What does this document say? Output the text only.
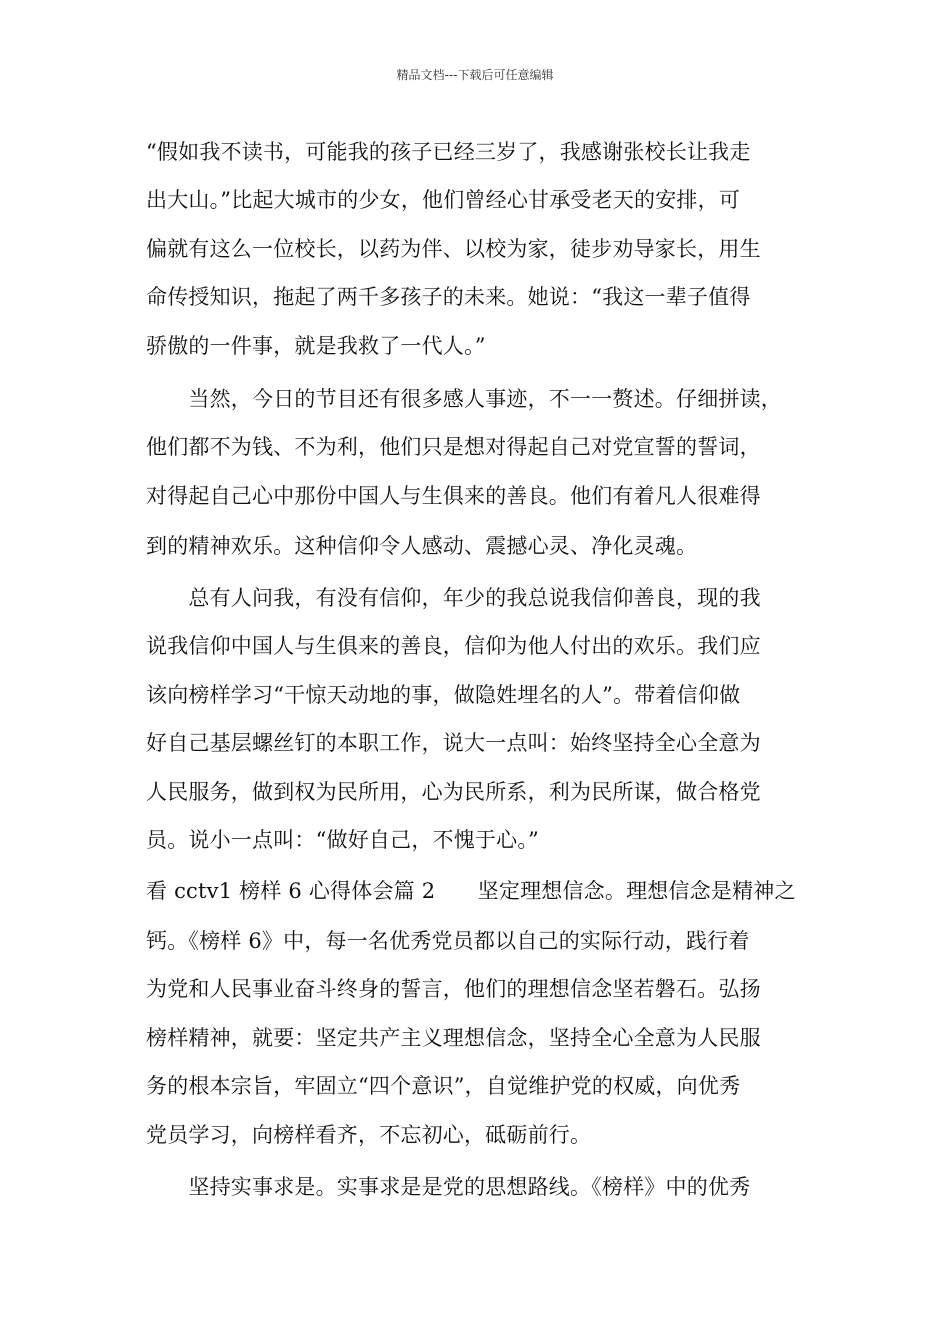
精品文档---下载后可任意编辑
“假如我不读书，可能我的孩子已经三岁了，我感谢张校长让我走
出大山。”比起大城市的少女，他们曾经心甘承受老天的安排，可
偏就有这么一位校长，以药为伴、以校为家，徒步劝导家长，用生
命传授知识，拖起了两千多孩子的未来。她说：“我这一辈子值得
骄傲的一件事，就是我救了一代人。”
　　当然，今日的节目还有很多感人事迹，不一一赘述。仔细拼读，
他们都不为钱、不为利，他们只是想对得起自己对党宣誓的誓词，
对得起自己心中那份中国人与生俱来的善良。他们有着凡人很难得
到的精神欢乐。这种信仰令人感动、震撼心灵、净化灵魂。
　　总有人问我，有没有信仰，年少的我总说我信仰善良，现的我
说我信仰中国人与生俱来的善良，信仰为他人付出的欢乐。我们应
该向榜样学习“干惊天动地的事，做隐姓埋名的人”。带着信仰做
好自己基层螺丝钉的本职工作，说大一点叫：始终坚持全心全意为
人民服务，做到权为民所用，心为民所系，利为民所谋，做合格党
员。说小一点叫：“做好自己，不愧于心。”
看 cctv1 榜样 6 心得体会篇 2　　坚定理想信念。理想信念是精神之
钙。《榜样 6》中，每一名优秀党员都以自己的实际行动，践行着
为党和人民事业奋斗终身的誓言，他们的理想信念坚若磐石。弘扬
榜样精神，就要：坚定共产主义理想信念，坚持全心全意为人民服
务的根本宗旨，牢固立“四个意识”，自觉维护党的权威，向优秀
党员学习，向榜样看齐，不忘初心，砥砺前行。
　　坚持实事求是。实事求是是党的思想路线。《榜样》中的优秀
